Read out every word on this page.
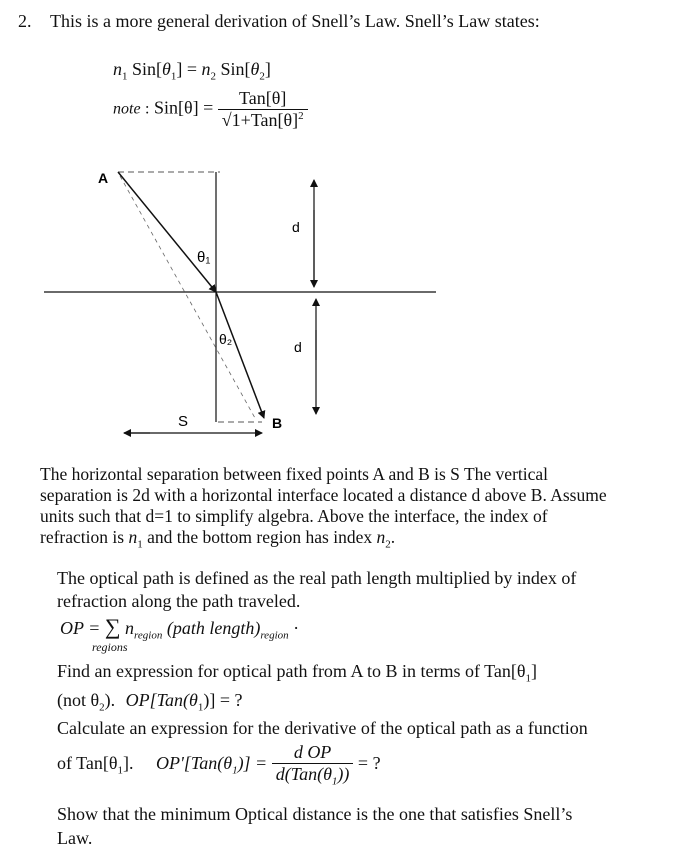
2. This is a more general derivation of Snell’s Law. Snell’s Law states:
$n_1$ $Sin[\theta_1] = n_2$ $Sin[\theta_2]$
note : $Sin[\theta] = \frac{\text{Tan[θ]}}{√1+Tan[\theta]^2}$
A
B
S
d
d
θ₁
θ₂
The horizontal separation between fixed points A and B is S The vertical
separation is 2d with a horizontal interface located a distance d above B. Assume
units such that d=1 to simplify algebra. Above the interface, the index of
refraction is $n_1$ and the bottom region has index $n_2$.
The optical path is defined as the real path length multiplied by index of
refraction along the path traveled.
OP = ∑ $n_{region}$ (path $length)_{region}$ ·
regions
Find an expression for optical path from A to B in terms of $Tan[\theta_1]$
(not $\theta_2$). $OP[Tan(\theta_1)]$ = ?
Calculate an expression for the derivative of the optical path as a function
of $Tan[\theta_1]$. $OP'[Tan(\theta_1)] = \frac{\text{d OP}}{d(Tan(\theta_1))}$ = ?
Show that the minimum Optical distance is the one that satisfies Snell’s
Law.
